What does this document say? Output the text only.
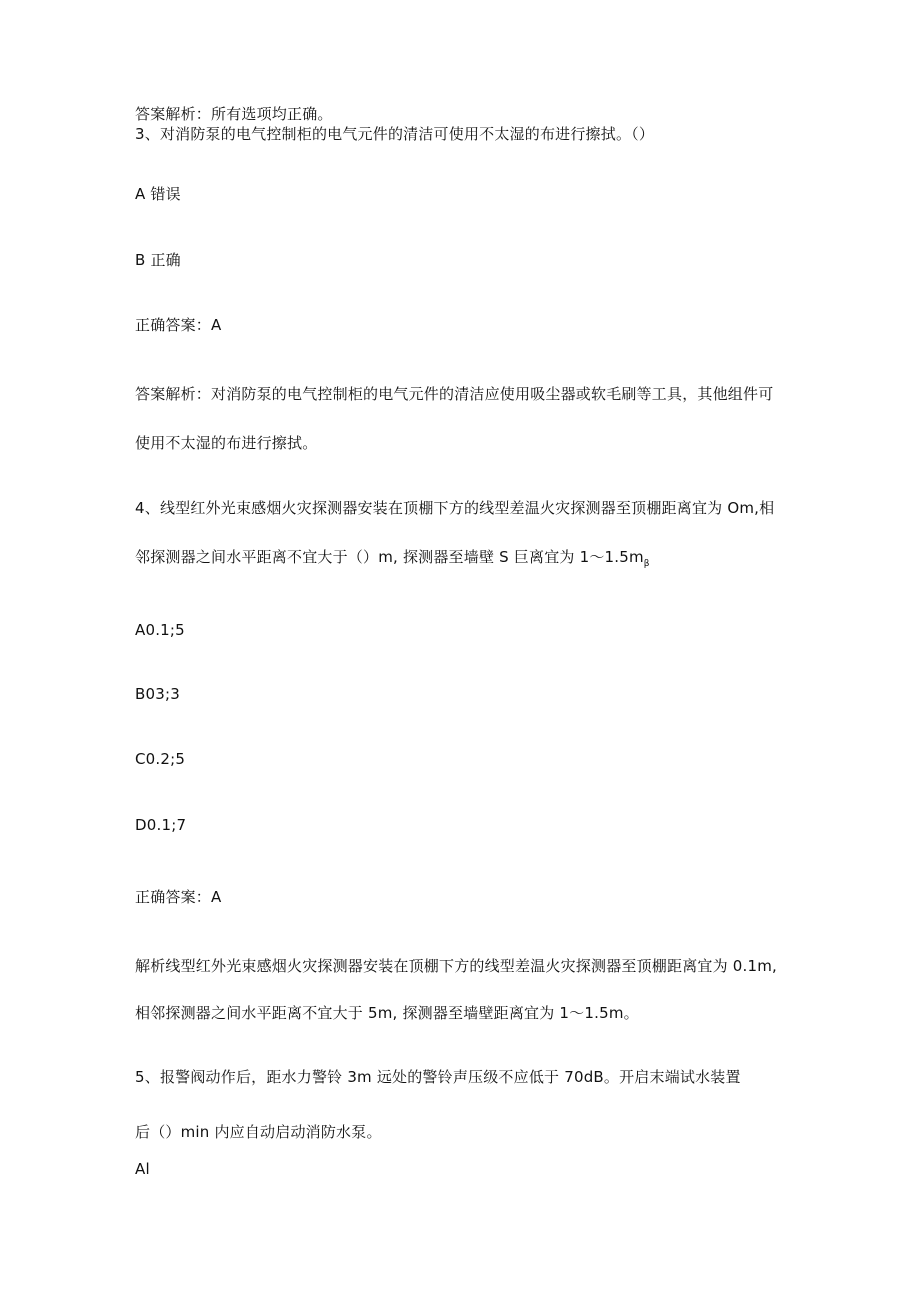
答案解析：所有选项均正确。
3、对消防泵的电气控制柜的电气元件的清洁可使用不太湿的布进行擦拭。（）
A 错误
B 正确
正确答案：A
答案解析：对消防泵的电气控制柜的电气元件的清洁应使用吸尘器或软毛刷等工具，其他组件可
使用不太湿的布进行擦拭。
4、线型红外光束感烟火灾探测器安装在顶棚下方的线型差温火灾探测器至顶棚距离宜为 Om,相
邻探测器之间水平距离不宜大于（）m, 探测器至墙壁 S 巨离宜为 $1\sim 1.5m_\beta$
A0.1;5
B03;3
C0.2;5
D0.1;7
正确答案：A
解析线型红外光束感烟火灾探测器安装在顶棚下方的线型差温火灾探测器至顶棚距离宜为 0.1m,
相邻探测器之间水平距离不宜大于 5m, 探测器至墙壁距离宜为 1～1.5m。
5、报警阀动作后，距水力警铃 3m 远处的警铃声压级不应低于 70dB。开启末端试水装置
后（）min 内应自动启动消防水泵。
Al
